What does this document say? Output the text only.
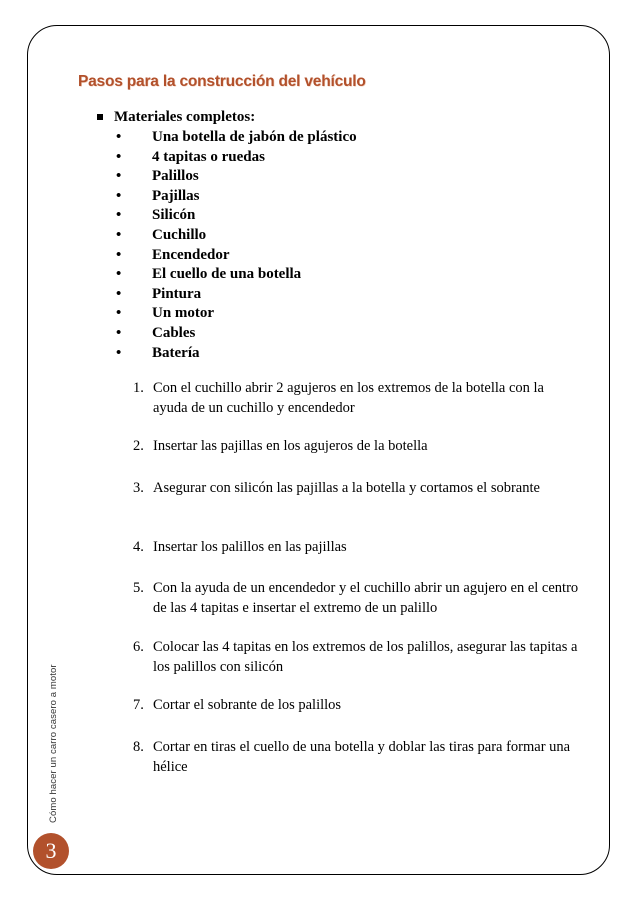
Pasos para la construcción del vehículo
Materiales completos:
• Una botella de jabón de plástico
• 4 tapitas o ruedas
• Palillos
• Pajillas
• Silicón
• Cuchillo
• Encendedor
• El cuello de una botella
• Pintura
• Un motor
• Cables
• Batería
1. Con el cuchillo abrir 2 agujeros en los extremos de la botella con la ayuda de un cuchillo y encendedor
2. Insertar las pajillas en los agujeros de la botella
3. Asegurar con silicón las pajillas a la botella y cortamos el sobrante
4. Insertar los palillos en las pajillas
5. Con la ayuda de un encendedor y el cuchillo abrir un agujero en el centro de las 4 tapitas e insertar el extremo de un palillo
6. Colocar las 4 tapitas en los extremos de los palillos, asegurar las tapitas a los palillos con silicón
7. Cortar el sobrante de los palillos
8. Cortar en tiras el cuello de una botella y doblar las tiras para formar una hélice
Cómo hacer un carro casero a motor
3
